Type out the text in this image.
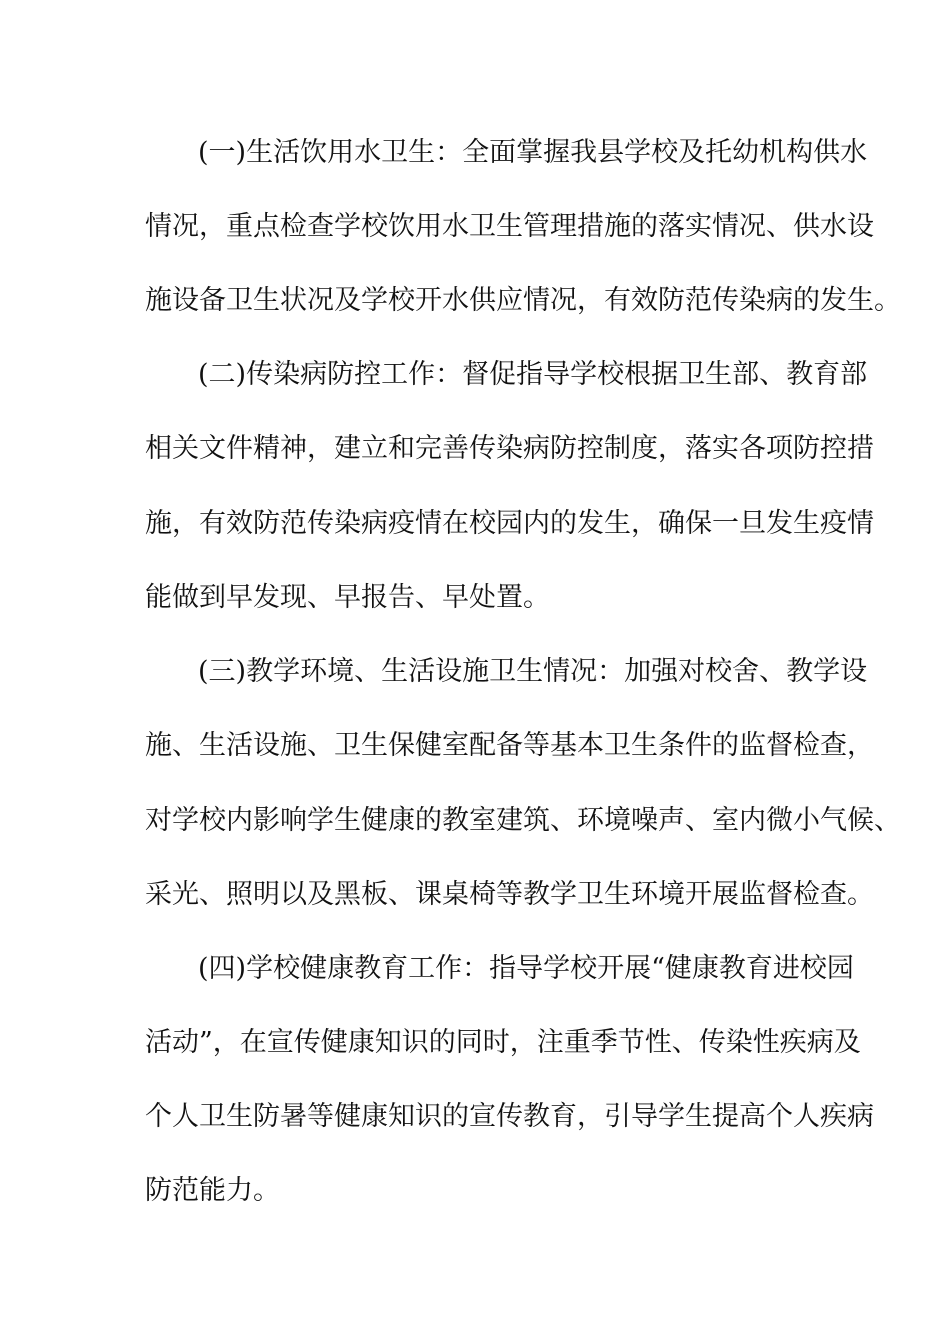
(一)生活饮用水卫生：全面掌握我县学校及托幼机构供水
情况，重点检查学校饮用水卫生管理措施的落实情况、供水设
施设备卫生状况及学校开水供应情况，有效防范传染病的发生。
(二)传染病防控工作：督促指导学校根据卫生部、教育部
相关文件精神，建立和完善传染病防控制度，落实各项防控措
施，有效防范传染病疫情在校园内的发生，确保一旦发生疫情
能做到早发现、早报告、早处置。
(三)教学环境、生活设施卫生情况：加强对校舍、教学设
施、生活设施、卫生保健室配备等基本卫生条件的监督检查，
对学校内影响学生健康的教室建筑、环境噪声、室内微小气候、
采光、照明以及黑板、课桌椅等教学卫生环境开展监督检查。
(四)学校健康教育工作：指导学校开展“健康教育进校园
活动”，在宣传健康知识的同时，注重季节性、传染性疾病及
个人卫生防暑等健康知识的宣传教育，引导学生提高个人疾病
防范能力。
